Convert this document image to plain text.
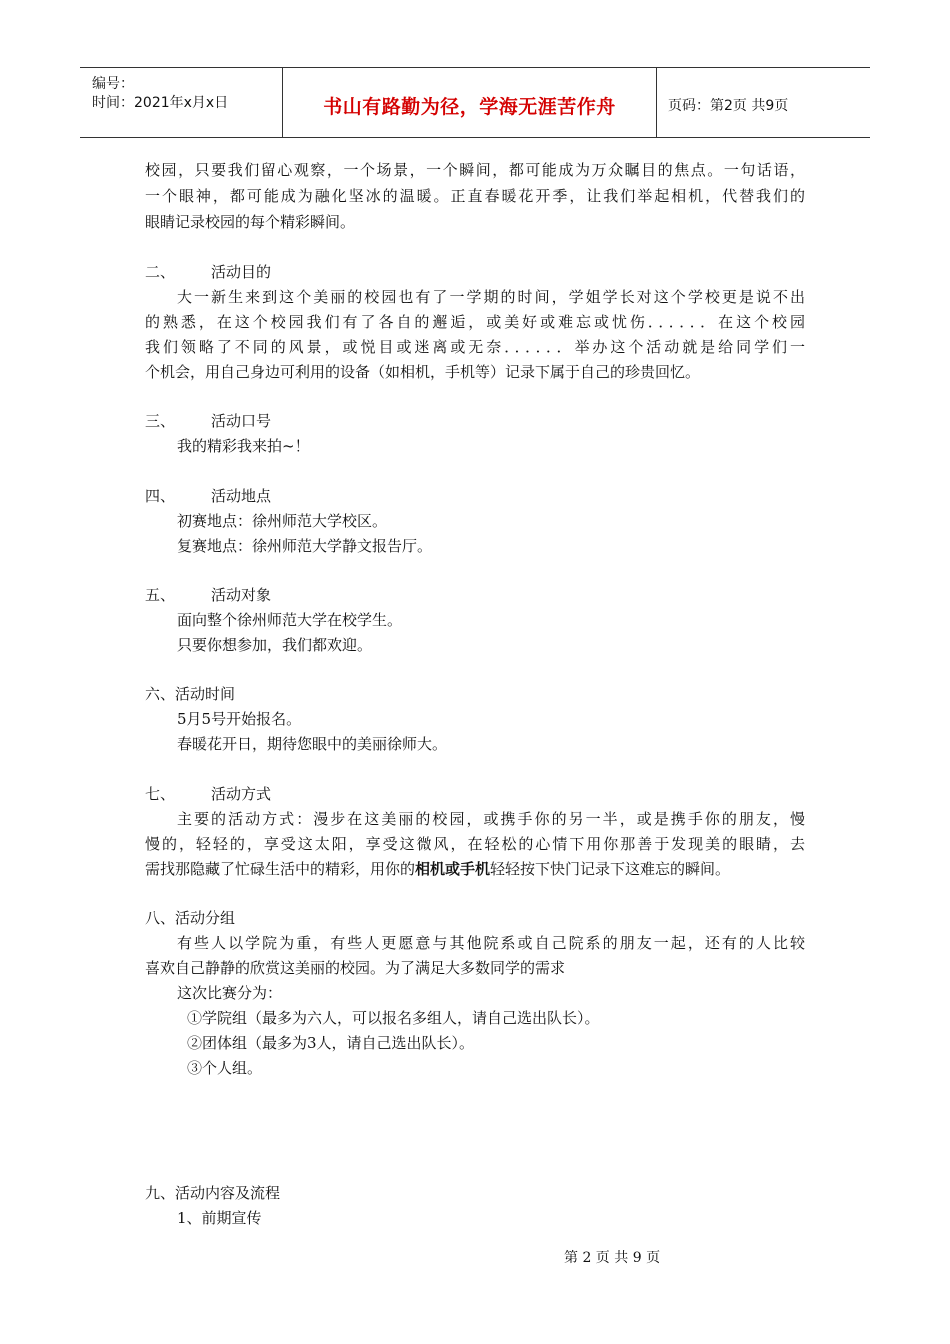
编号：
时间：2021年x月x日	书山有路勤为径，学海无涯苦作舟	页码：第2页 共9页
校园，只要我们留心观察，一个场景，一个瞬间，都可能成为万众瞩目的焦点。一句话语，
一个眼神，都可能成为融化坚冰的温暖。正直春暖花开季，让我们举起相机，代替我们的
眼睛记录校园的每个精彩瞬间。
二、 活动目的
大一新生来到这个美丽的校园也有了一学期的时间，学姐学长对这个学校更是说不出
的熟悉，在这个校园我们有了各自的邂逅，或美好或难忘或忧伤．．．．．．在这个校园
我们领略了不同的风景，或悦目或迷离或无奈．．．．．．举办这个活动就是给同学们一
个机会，用自己身边可利用的设备（如相机，手机等）记录下属于自己的珍贵回忆。
三、 活动口号
我的精彩我来拍~！
四、 活动地点
初赛地点：徐州师范大学校区。
复赛地点：徐州师范大学静文报告厅。
五、 活动对象
面向整个徐州师范大学在校学生。
只要你想参加，我们都欢迎。
六、活动时间
5月5号开始报名。
春暖花开日，期待您眼中的美丽徐师大。
七、 活动方式
主要的活动方式：漫步在这美丽的校园，或携手你的另一半，或是携手你的朋友，慢
慢的，轻轻的，享受这太阳，享受这微风，在轻松的心情下用你那善于发现美的眼睛，去
需找那隐藏了忙碌生活中的精彩，用你的相机或手机轻轻按下快门记录下这难忘的瞬间。
八、活动分组
有些人以学院为重，有些人更愿意与其他院系或自己院系的朋友一起，还有的人比较
喜欢自己静静的欣赏这美丽的校园。为了满足大多数同学的需求
这次比赛分为：
①学院组（最多为六人，可以报名多组人，请自己选出队长）。
②团体组（最多为3人，请自己选出队长）。
③个人组。
九、活动内容及流程
1、前期宣传
第 2 页 共 9 页
